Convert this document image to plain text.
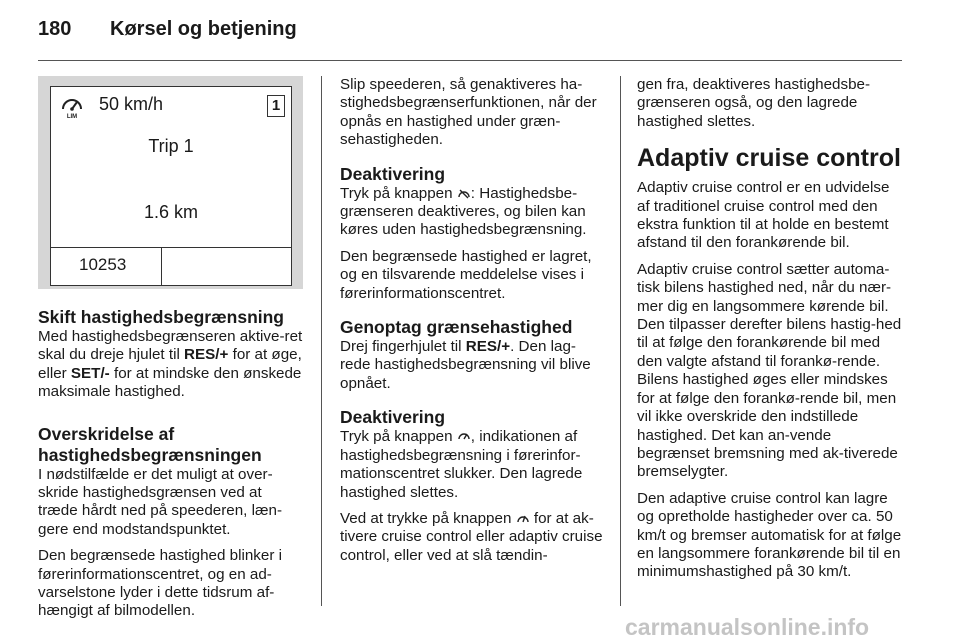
180 Kørsel og betjening
LIM
50 km/h	1
Trip 1
1.6 km
10253
Skift hastighedsbegrænsning

Med hastighedsbegrænseren aktive-ret skal du dreje hjulet til RES/+ for at øge, eller SET/- for at mindske den ønskede maksimale hastighed.

Overskridelse af hastighedsbegrænsningen

I nødstilfælde er det muligt at over-skride hastighedsgrænsen ved at træde hårdt ned på speederen, læn-gere end modstandspunktet.

Den begrænsede hastighed blinker i førerinformationscentret, og en ad-varselstone lyder i dette tidsrum af-hængigt af bilmodellen.

Slip speederen, så genaktiveres ha-stighedsbegrænserfunktionen, når der opnås en hastighed under græn-sehastigheden.

Deaktivering

Tryk på knappen : Hastighedsbe-grænseren deaktiveres, og bilen kan køres uden hastighedsbegrænsning.

Den begrænsede hastighed er lagret, og en tilsvarende meddelelse vises i førerinformationscentret.

Genoptag grænsehastighed

Drej fingerhjulet til RES/+. Den lag-rede hastighedsbegrænsning vil blive opnået.

Deaktivering

Tryk på knappen , indikationen af hastighedsbegrænsning i førerinfor-mationscentret slukker. Den lagrede hastighed slettes.

Ved at trykke på knappen  for at ak-tivere cruise control eller adaptiv cruise control, eller ved at slå tændin-

gen fra, deaktiveres hastighedsbe-grænseren også, og den lagrede hastighed slettes.

Adaptiv cruise control

Adaptiv cruise control er en udvidelse af traditionel cruise control med den ekstra funktion til at holde en bestemt afstand til den forankørende bil.

Adaptiv cruise control sætter automa-tisk bilens hastighed ned, når du nær-mer dig en langsommere kørende bil. Den tilpasser derefter bilens hastig-hed til at følge den forankørende bil med den valgte afstand til forankø-rende. Bilens hastighed øges eller mindskes for at følge den forankø-rende bil, men vil ikke overskride den indstillede hastighed. Det kan an-vende begrænset bremsning med ak-tiverede bremselygter.

Den adaptive cruise control kan lagre og opretholde hastigheder over ca. 50 km/t og bremser automatisk for at følge en langsommere forankørende bil til en minimumshastighed på 30 km/t.

carmanualsonline.info
